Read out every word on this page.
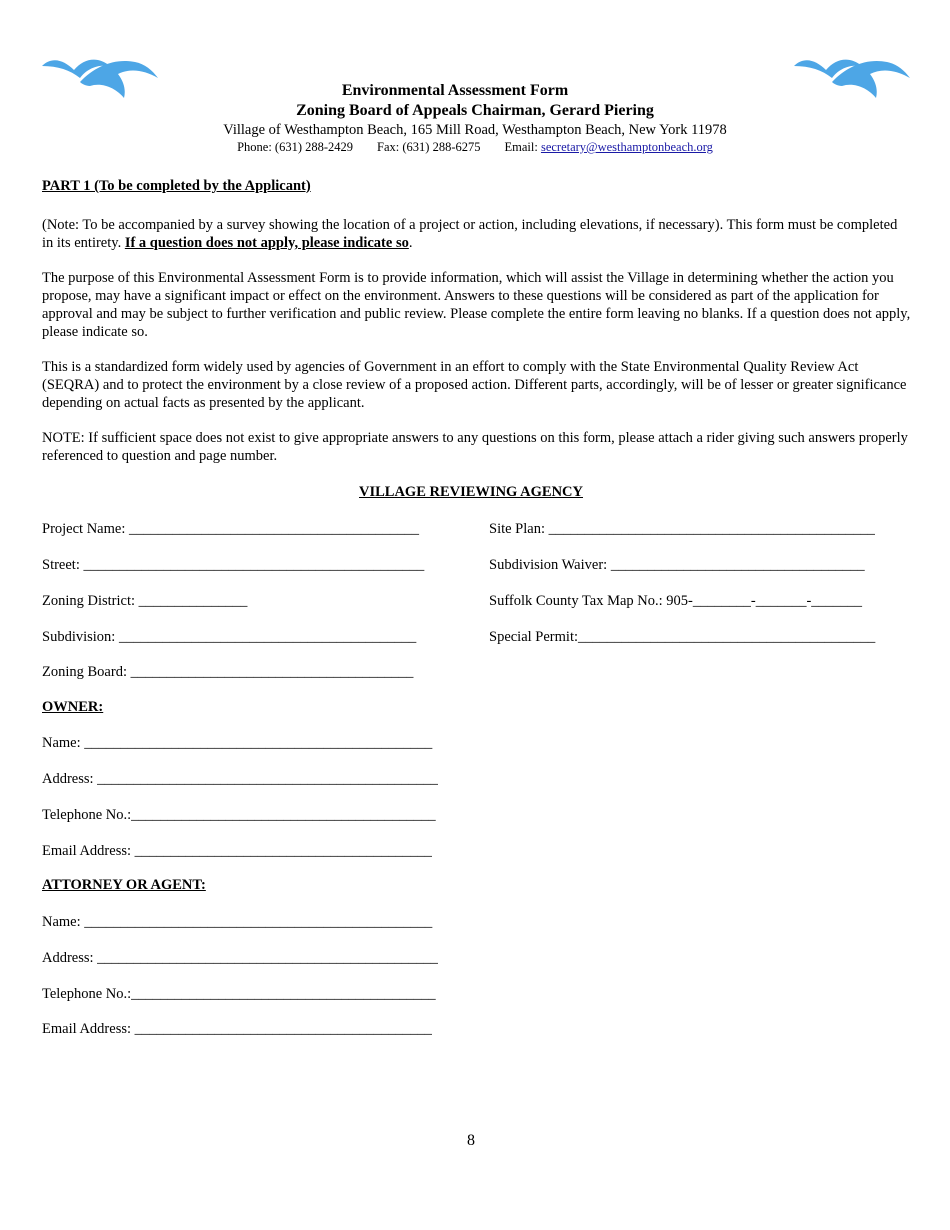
Environmental Assessment Form
Zoning Board of Appeals Chairman, Gerard Piering
Village of Westhampton Beach, 165 Mill Road, Westhampton Beach, New York 11978
Phone: (631) 288-2429 Fax: (631) 288-6275 Email: secretary@westhamptonbeach.org
PART 1 (To be completed by the Applicant)
(Note: To be accompanied by a survey showing the location of a project or action, including elevations, if necessary). This form must be completed in its entirety. If a question does not apply, please indicate so.
The purpose of this Environmental Assessment Form is to provide information, which will assist the Village in determining whether the action you propose, may have a significant impact or effect on the environment. Answers to these questions will be considered as part of the application for approval and may be subject to further verification and public review. Please complete the entire form leaving no blanks. If a question does not apply, please indicate so.
This is a standardized form widely used by agencies of Government in an effort to comply with the State Environmental Quality Review Act (SEQRA) and to protect the environment by a close review of a proposed action. Different parts, accordingly, will be of lesser or greater significance depending on actual facts as presented by the applicant.
NOTE: If sufficient space does not exist to give appropriate answers to any questions on this form, please attach a rider giving such answers properly referenced to question and page number.
VILLAGE REVIEWING AGENCY
Project Name: ________________________________________
Street: _______________________________________________
Zoning District: _______________
Subdivision: _________________________________________
Zoning Board: _______________________________________
Site Plan: _____________________________________________
Subdivision Waiver: ___________________________________
Suffolk County Tax Map No.: 905-________-_______-_______
Special Permit:_________________________________________
OWNER:
Name: ________________________________________________
Address: _______________________________________________
Telephone No.:__________________________________________
Email Address: _________________________________________
ATTORNEY OR AGENT:
Name: ________________________________________________
Address: _______________________________________________
Telephone No.:__________________________________________
Email Address: _________________________________________
8
